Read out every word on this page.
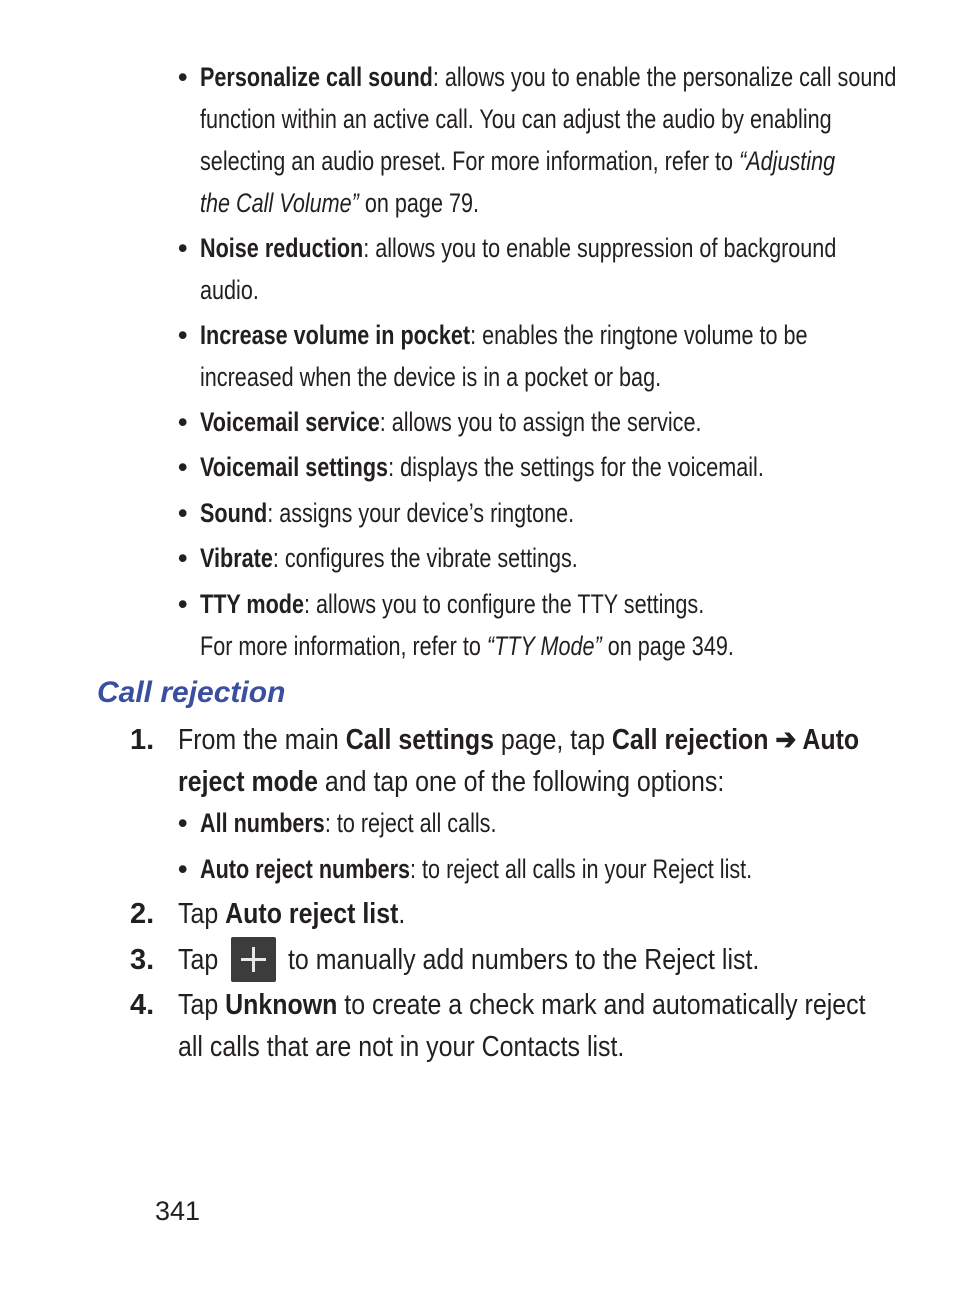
• Personalize call sound: allows you to enable the personalize call sound
function within an active call. You can adjust the audio by enabling
selecting an audio preset. For more information, refer to “Adjusting
the Call Volume” on page 79.
• Noise reduction: allows you to enable suppression of background
audio.
• Increase volume in pocket: enables the ringtone volume to be
increased when the device is in a pocket or bag.
• Voicemail service: allows you to assign the service.
• Voicemail settings: displays the settings for the voicemail.
• Sound: assigns your device’s ringtone.
• Vibrate: configures the vibrate settings.
• TTY mode: allows you to configure the TTY settings.
For more information, refer to “TTY Mode” on page 349.
Call rejection
1. From the main Call settings page, tap Call rejection ➔ Auto
reject mode and tap one of the following options:
• All numbers: to reject all calls.
• Auto reject numbers: to reject all calls in your Reject list.
2. Tap Auto reject list.
3. Tap to manually add numbers to the Reject list.
4. Tap Unknown to create a check mark and automatically reject
all calls that are not in your Contacts list.
341
